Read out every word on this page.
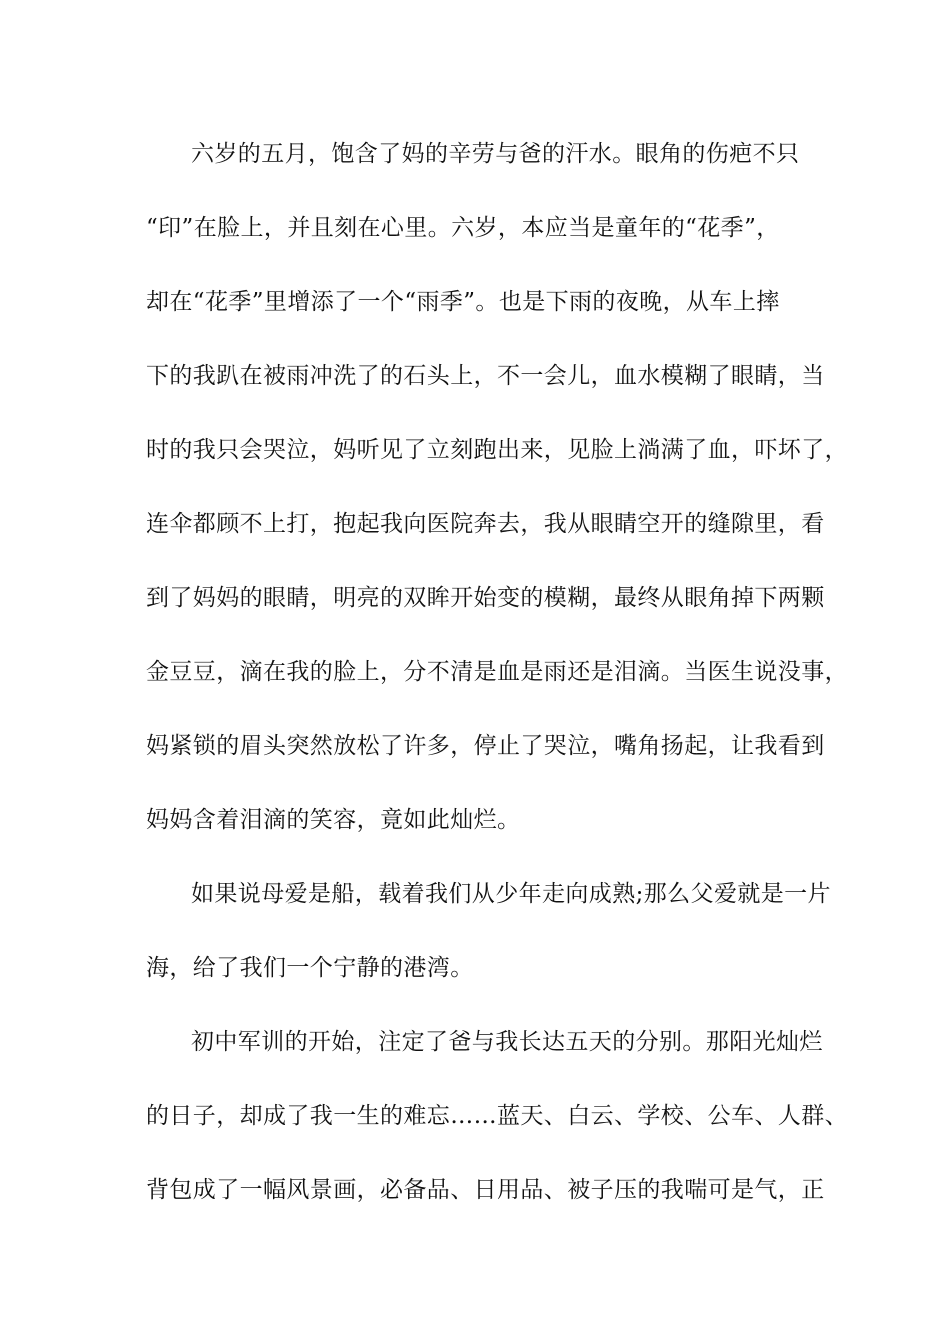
六岁的五月，饱含了妈的辛劳与爸的汗水。眼角的伤疤不只
“印”在脸上，并且刻在心里。六岁，本应当是童年的“花季”，
却在“花季”里增添了一个“雨季”。也是下雨的夜晚，从车上摔
下的我趴在被雨冲洗了的石头上，不一会儿，血水模糊了眼睛，当
时的我只会哭泣，妈听见了立刻跑出来，见脸上淌满了血，吓坏了，
连伞都顾不上打，抱起我向医院奔去，我从眼睛空开的缝隙里，看
到了妈妈的眼睛，明亮的双眸开始变的模糊，最终从眼角掉下两颗
金豆豆，滴在我的脸上，分不清是血是雨还是泪滴。当医生说没事，
妈紧锁的眉头突然放松了许多，停止了哭泣，嘴角扬起，让我看到
妈妈含着泪滴的笑容，竟如此灿烂。
如果说母爱是船，载着我们从少年走向成熟;那么父爱就是一片
海，给了我们一个宁静的港湾。
初中军训的开始，注定了爸与我长达五天的分别。那阳光灿烂
的日子，却成了我一生的难忘……蓝天、白云、学校、公车、人群、
背包成了一幅风景画，必备品、日用品、被子压的我喘可是气，正
